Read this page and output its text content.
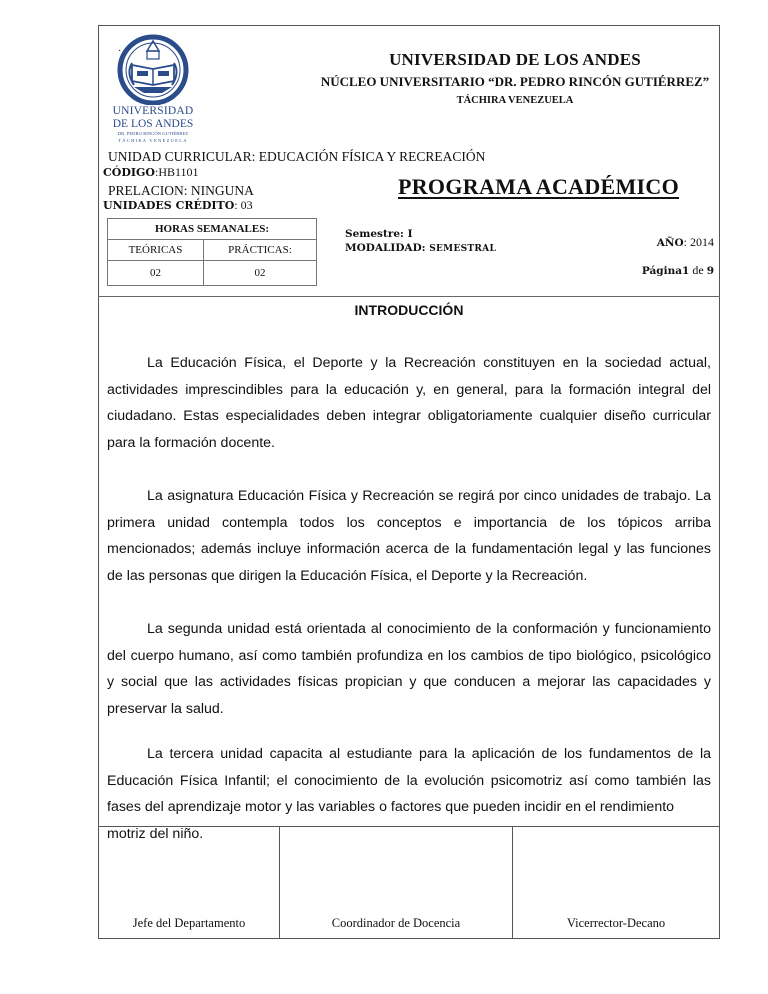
·
UNIVERSIDAD
DE LOS ANDES
DR. PEDRO RINCÓN GUTIÉRREZ
TÁCHIRA VENEZUELA
UNIVERSIDAD DE LOS ANDES
NÚCLEO UNIVERSITARIO “DR. PEDRO RINCÓN GUTIÉRREZ”
TÁCHIRA VENEZUELA
UNIDAD CURRICULAR: EDUCACIÓN FÍSICA Y RECREACIÓN
CÓDIGO:HB1101
PRELACION: NINGUNA
UNIDADES CRÉDITO: 03
PROGRAMA ACADÉMICO
HORAS SEMANALES:	
TEÓRICAS	PRÁCTICAS:
02	02
Semestre: I
MODALIDAD: SEMESTRAL	AÑO: 2014
Página1 de 9
INTRODUCCIÓN

La Educación Física, el Deporte y la Recreación constituyen en la sociedad actual, actividades imprescindibles para la educación y, en general, para la formación integral del ciudadano. Estas especialidades deben integrar obligatoriamente cualquier diseño curricular para la formación docente.

La asignatura Educación Física y Recreación se regirá por cinco unidades de trabajo. La primera unidad contempla todos los conceptos e importancia de los tópicos arriba mencionados; además incluye información acerca de la fundamentación legal y las funciones de las personas que dirigen la Educación Física, el Deporte y la Recreación.

La segunda unidad está orientada al conocimiento de la conformación y funcionamiento del cuerpo humano, así como también profundiza en los cambios de tipo biológico, psicológico y social que las actividades físicas propician y que conducen a mejorar las capacidades y preservar la salud.

La tercera unidad capacita al estudiante para la aplicación de los fundamentos de la Educación Física Infantil; el conocimiento de la evolución psicomotriz así como también las fases del aprendizaje motor y las variables o factores que pueden incidir en el rendimiento

Jefe del Departamento	Coordinador de Docencia	Vicerrector-Decano
motriz del niño.
